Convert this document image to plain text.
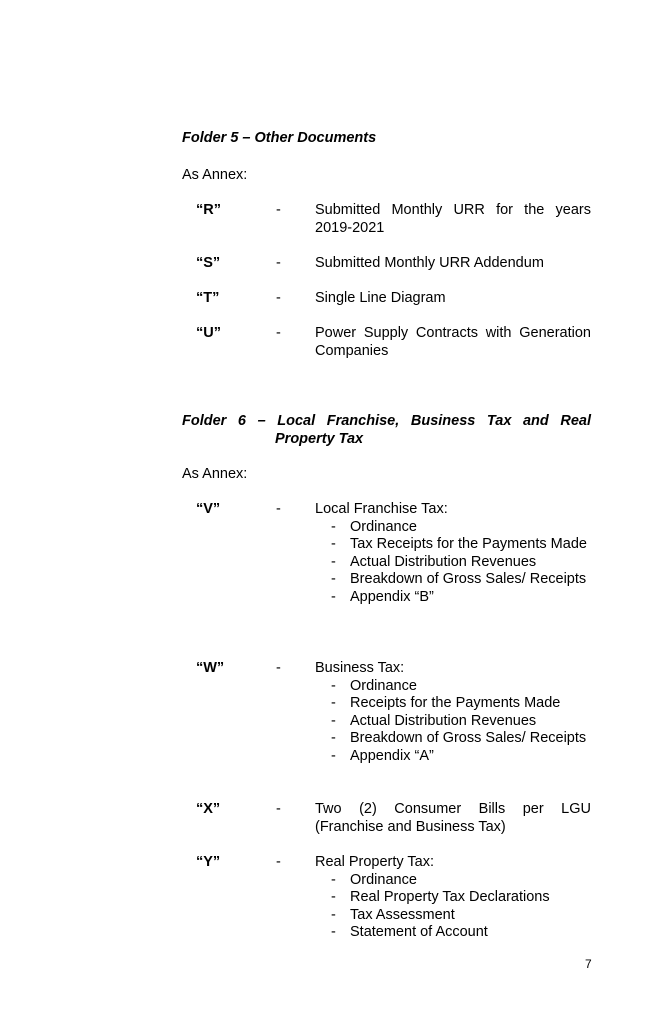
Folder 5 – Other Documents
As Annex:
“R”	- Submitted Monthly URR for the years 2019-2021
“S”	- Submitted Monthly URR Addendum
“T”	- Single Line Diagram
“U”	- Power Supply Contracts with Generation Companies
Folder 6 – Local Franchise, Business Tax and Real
Property Tax
As Annex:
“V”	- Local Franchise Tax:
- Ordinance
- Tax Receipts for the Payments Made
- Actual Distribution Revenues
- Breakdown of Gross Sales/ Receipts
- Appendix “B”
“W”	- Business Tax:
- Ordinance
- Receipts for the Payments Made
- Actual Distribution Revenues
- Breakdown of Gross Sales/ Receipts
- Appendix “A”
“X”	- Two (2) Consumer Bills per LGU (Franchise and Business Tax)
“Y”	- Real Property Tax:
- Ordinance
- Real Property Tax Declarations
- Tax Assessment
- Statement of Account
7
